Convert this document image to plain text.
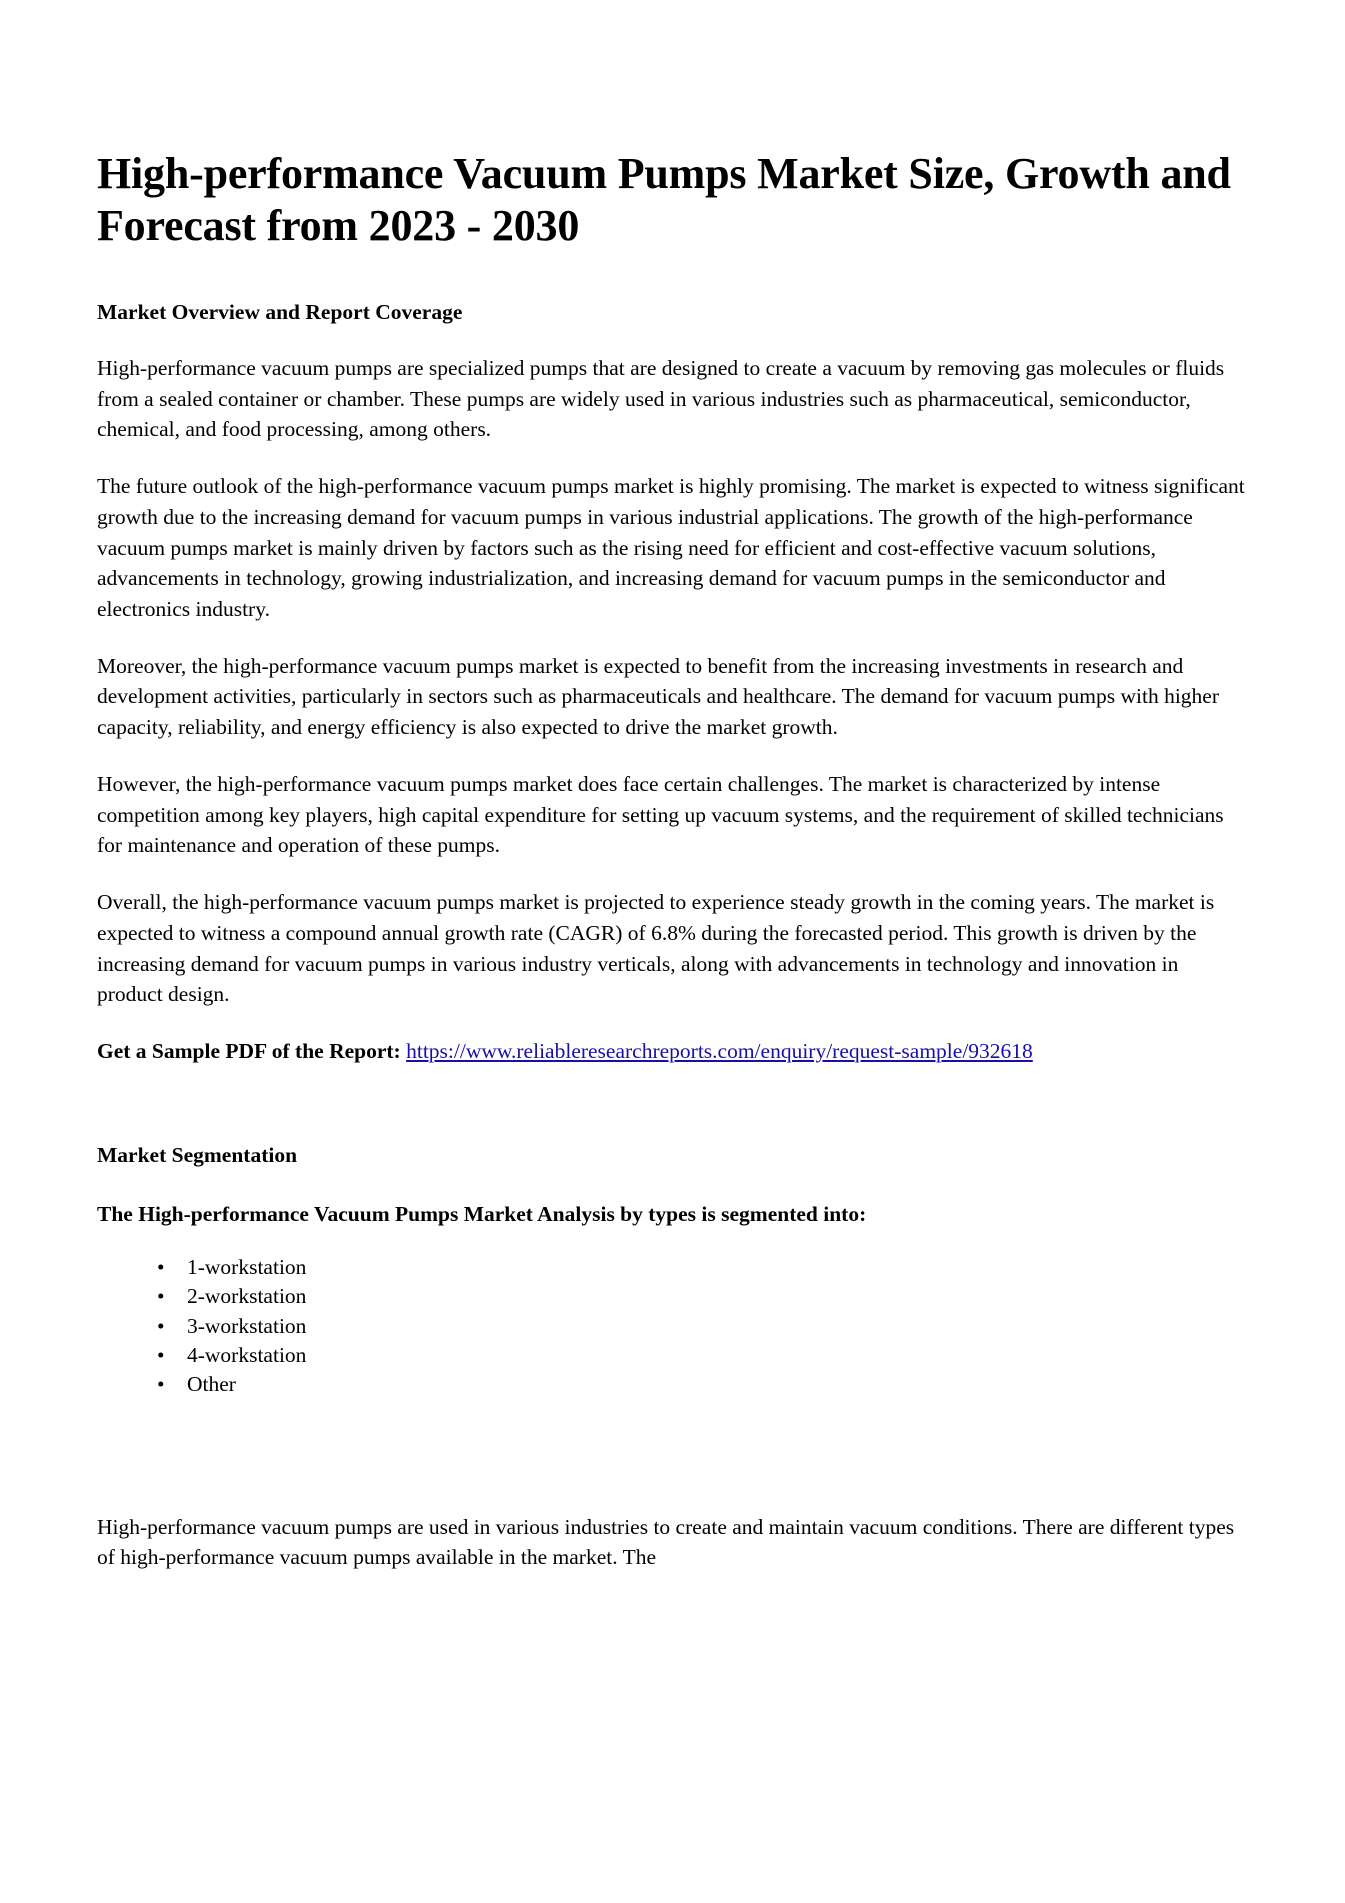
High-performance Vacuum Pumps Market Size, Growth and Forecast from 2023 - 2030
Market Overview and Report Coverage

High-performance vacuum pumps are specialized pumps that are designed to create a vacuum by removing gas molecules or fluids from a sealed container or chamber. These pumps are widely used in various industries such as pharmaceutical, semiconductor, chemical, and food processing, among others.

The future outlook of the high-performance vacuum pumps market is highly promising. The market is expected to witness significant growth due to the increasing demand for vacuum pumps in various industrial applications. The growth of the high-performance vacuum pumps market is mainly driven by factors such as the rising need for efficient and cost-effective vacuum solutions, advancements in technology, growing industrialization, and increasing demand for vacuum pumps in the semiconductor and electronics industry.

Moreover, the high-performance vacuum pumps market is expected to benefit from the increasing investments in research and development activities, particularly in sectors such as pharmaceuticals and healthcare. The demand for vacuum pumps with higher capacity, reliability, and energy efficiency is also expected to drive the market growth.

However, the high-performance vacuum pumps market does face certain challenges. The market is characterized by intense competition among key players, high capital expenditure for setting up vacuum systems, and the requirement of skilled technicians for maintenance and operation of these pumps.

Overall, the high-performance vacuum pumps market is projected to experience steady growth in the coming years. The market is expected to witness a compound annual growth rate (CAGR) of 6.8% during the forecasted period. This growth is driven by the increasing demand for vacuum pumps in various industry verticals, along with advancements in technology and innovation in product design.

Get a Sample PDF of the Report: https://www.reliableresearchreports.com/enquiry/request-sample/932618

Market Segmentation
The High-performance Vacuum Pumps Market Analysis by types is segmented into:
• 1-workstation
• 2-workstation
• 3-workstation
• 4-workstation
• Other

High-performance vacuum pumps are used in various industries to create and maintain vacuum conditions. There are different types of high-performance vacuum pumps available in the market. The
